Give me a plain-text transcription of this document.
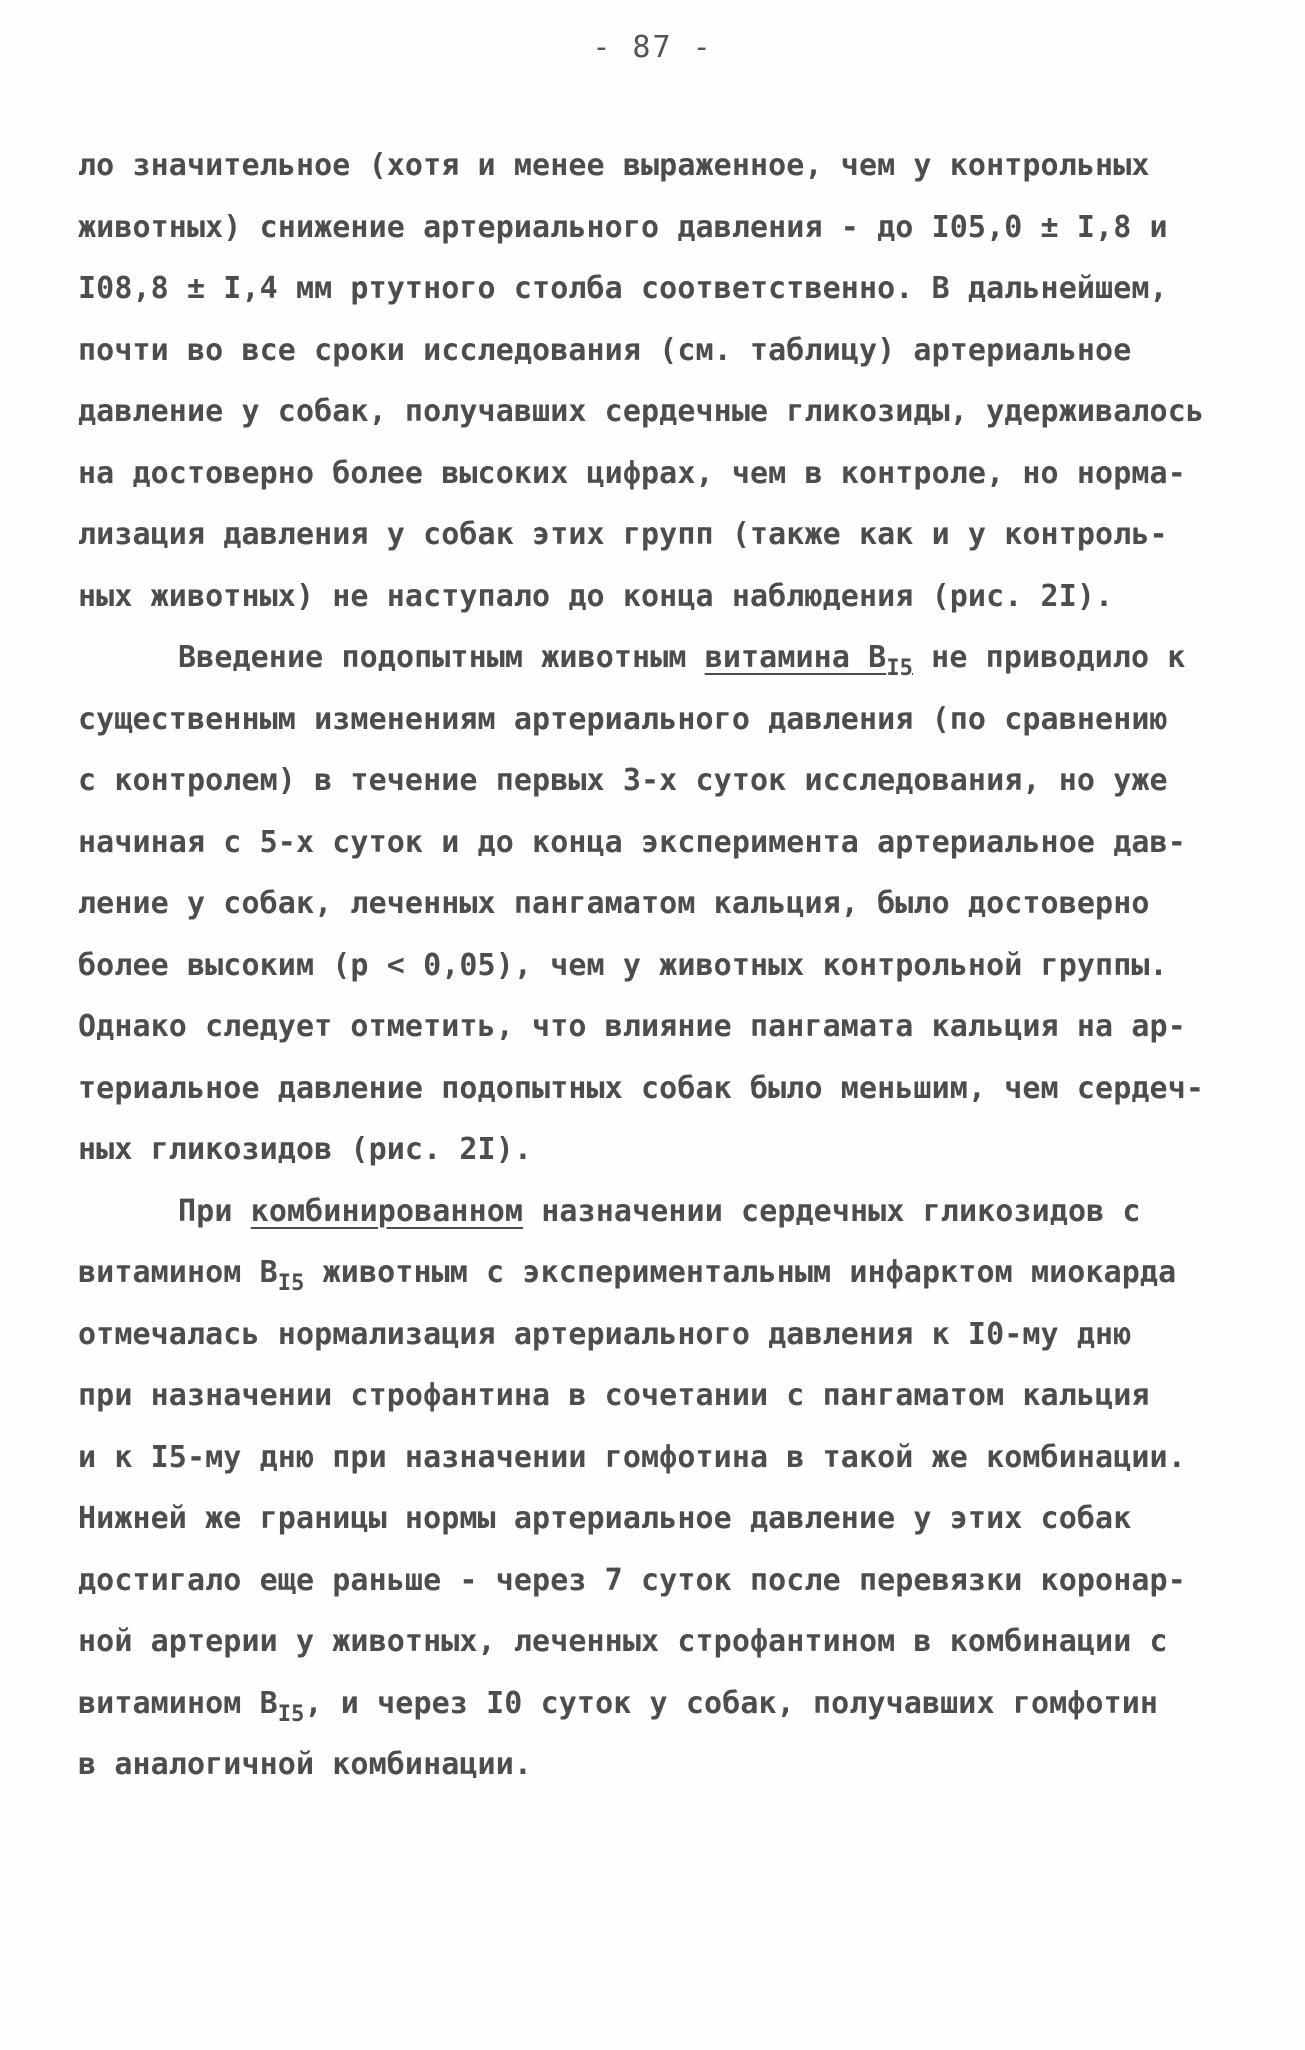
- 87 -
ло значительное (хотя и менее выраженное, чем у контрольных
животных) снижение артериального давления - до I05,0 ± I,8 и
I08,8 ± I,4 мм ртутного столба соответственно. В дальнейшем,
почти во все сроки исследования (см. таблицу) артериальное
давление у собак, получавших сердечные гликозиды, удерживалось
на достоверно более высоких цифрах, чем в контроле, но норма-
лизация давления у собак этих групп (также как и у контроль-
ных животных) не наступало до конца наблюдения (рис. 2I).
Введение подопытным животным витамина $B_{I5}$ не приводило к
существенным изменениям артериального давления (по сравнению
с контролем) в течение первых 3-х суток исследования, но уже
начиная с 5-х суток и до конца эксперимента артериальное дав-
ление у собак, леченных пангаматом кальция, было достоверно
более высоким (р < 0,05), чем у животных контрольной группы.
Однако следует отметить, что влияние пангамата кальция на ар-
териальное давление подопытных собак было меньшим, чем сердеч-
ных гликозидов (рис. 2I).
При комбинированном назначении сердечных гликозидов с
витамином $B_{I5}$ животным с экспериментальным инфарктом миокарда
отмечалась нормализация артериального давления к I0-му дню
при назначении строфантина в сочетании с пангаматом кальция
и к I5-му дню при назначении гомфотина в такой же комбинации.
Нижней же границы нормы артериальное давление у этих собак
достигало еще раньше - через 7 суток после перевязки коронар-
ной артерии у животных, леченных строфантином в комбинации с
витамином $B_{I5}$, и через I0 суток у собак, получавших гомфотин
в аналогичной комбинации.
